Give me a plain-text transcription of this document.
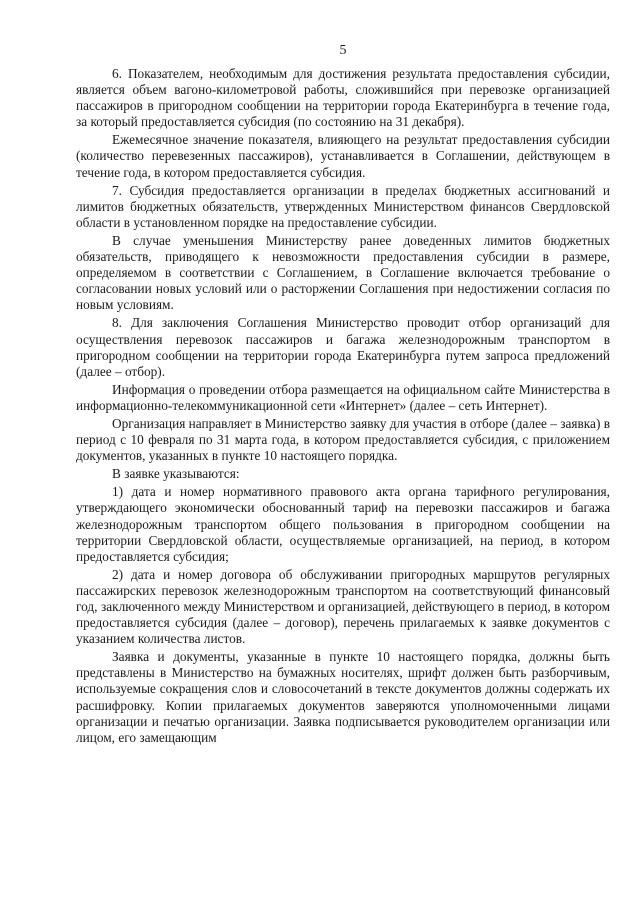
5

6. Показателем, необходимым для достижения результата предоставления субсидии, является объем вагоно-километровой работы, сложившийся при перевозке организацией пассажиров в пригородном сообщении на территории города Екатеринбурга в течение года, за который предоставляется субсидия (по состоянию на 31 декабря).

Ежемесячное значение показателя, влияющего на результат предоставления субсидии (количество перевезенных пассажиров), устанавливается в Соглашении, действующем в течение года, в котором предоставляется субсидия.

7. Субсидия предоставляется организации в пределах бюджетных ассигнований и лимитов бюджетных обязательств, утвержденных Министерством финансов Свердловской области в установленном порядке на предоставление субсидии.

В случае уменьшения Министерству ранее доведенных лимитов бюджетных обязательств, приводящего к невозможности предоставления субсидии в размере, определяемом в соответствии с Соглашением, в Соглашение включается требование о согласовании новых условий или о расторжении Соглашения при недостижении согласия по новым условиям.

8. Для заключения Соглашения Министерство проводит отбор организаций для осуществления перевозок пассажиров и багажа железнодорожным транспортом в пригородном сообщении на территории города Екатеринбурга путем запроса предложений (далее – отбор).

Информация о проведении отбора размещается на официальном сайте Министерства в информационно-телекоммуникационной сети «Интернет» (далее – сеть Интернет).

Организация направляет в Министерство заявку для участия в отборе (далее – заявка) в период с 10 февраля по 31 марта года, в котором предоставляется субсидия, с приложением документов, указанных в пункте 10 настоящего порядка.

В заявке указываются:

1) дата и номер нормативного правового акта органа тарифного регулирования, утверждающего экономически обоснованный тариф на перевозки пассажиров и багажа железнодорожным транспортом общего пользования в пригородном сообщении на территории Свердловской области, осуществляемые организацией, на период, в котором предоставляется субсидия;

2) дата и номер договора об обслуживании пригородных маршрутов регулярных пассажирских перевозок железнодорожным транспортом на соответствующий финансовый год, заключенного между Министерством и организацией, действующего в период, в котором предоставляется субсидия (далее – договор), перечень прилагаемых к заявке документов с указанием количества листов.

Заявка и документы, указанные в пункте 10 настоящего порядка, должны быть представлены в Министерство на бумажных носителях, шрифт должен быть разборчивым, используемые сокращения слов и словосочетаний в тексте документов должны содержать их расшифровку. Копии прилагаемых документов заверяются уполномоченными лицами организации и печатью организации. Заявка подписывается руководителем организации или лицом, его замещающим
